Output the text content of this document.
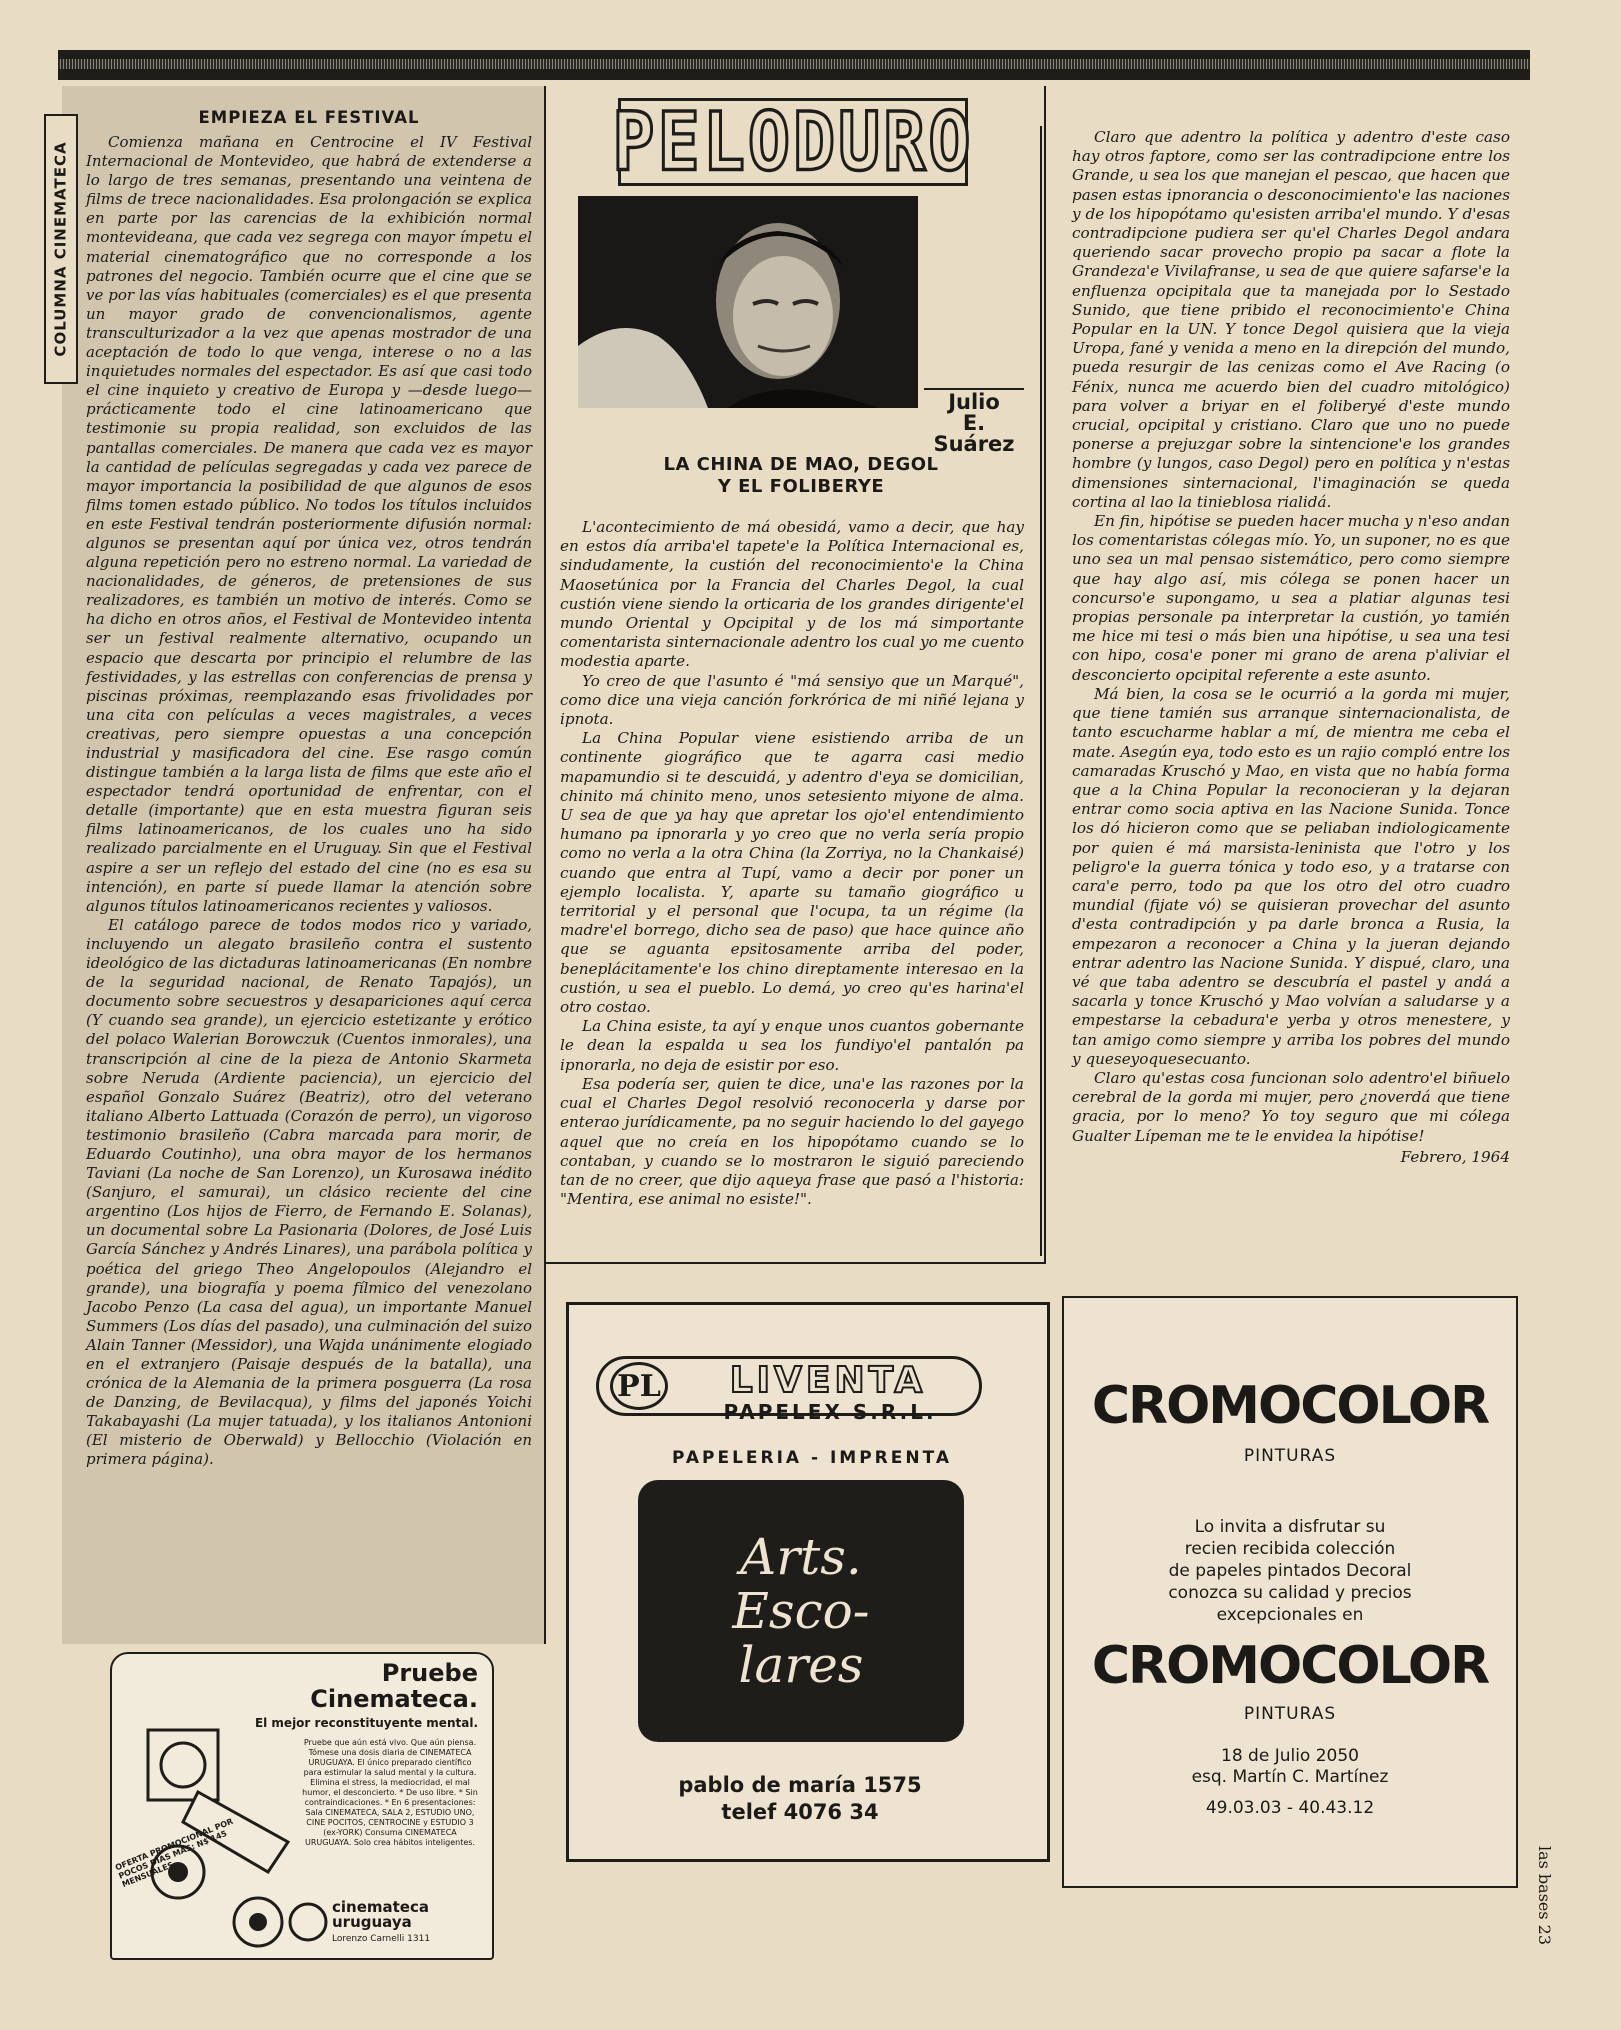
EMPIEZA EL FESTIVAL

Comienza mañana en Centrocine el IV Festival Internacional de Montevideo, que habrá de extenderse a lo largo de tres semanas, presentando una veintena de films de trece nacionalidades. Esa prolongación se explica en parte por las carencias de la exhibición normal montevideana, que cada vez segrega con mayor ímpetu el material cinematográfico que no corresponde a los patrones del negocio. También ocurre que el cine que se ve por las vías habituales (comerciales) es el que presenta un mayor grado de convencionalismos, agente transculturizador a la vez que apenas mostrador de una aceptación de todo lo que venga, interese o no a las inquietudes normales del espectador. Es así que casi todo el cine inquieto y creativo de Europa y —desde luego— prácticamente todo el cine latinoamericano que testimonie su propia realidad, son excluidos de las pantallas comerciales. De manera que cada vez es mayor la cantidad de películas segregadas y cada vez parece de mayor importancia la posibilidad de que algunos de esos films tomen estado público. No todos los títulos incluidos en este Festival tendrán posteriormente difusión normal: algunos se presentan aquí por única vez, otros tendrán alguna repetición pero no estreno normal. La variedad de nacionalidades, de géneros, de pretensiones de sus realizadores, es también un motivo de interés. Como se ha dicho en otros años, el Festival de Montevideo intenta ser un festival realmente alternativo, ocupando un espacio que descarta por principio el relumbre de las festividades, y las estrellas con conferencias de prensa y piscinas próximas, reemplazando esas frivolidades por una cita con películas a veces magistrales, a veces creativas, pero siempre opuestas a una concepción industrial y masificadora del cine. Ese rasgo común distingue también a la larga lista de films que este año el espectador tendrá oportunidad de enfrentar, con el detalle (importante) que en esta muestra figuran seis films latinoamericanos, de los cuales uno ha sido realizado parcialmente en el Uruguay. Sin que el Festival aspire a ser un reflejo del estado del cine (no es esa su intención), en parte sí puede llamar la atención sobre algunos títulos latinoamericanos recientes y valiosos.

El catálogo parece de todos modos rico y variado, incluyendo un alegato brasileño contra el sustento ideológico de las dictaduras latinoamericanas (En nombre de la seguridad nacional, de Renato Tapajós), un documento sobre secuestros y desapariciones aquí cerca (Y cuando sea grande), un ejercicio estetizante y erótico del polaco Walerian Borowczuk (Cuentos inmorales), una transcripción al cine de la pieza de Antonio Skarmeta sobre Neruda (Ardiente paciencia), un ejercicio del español Gonzalo Suárez (Beatriz), otro del veterano italiano Alberto Lattuada (Corazón de perro), un vigoroso testimonio brasileño (Cabra marcada para morir, de Eduardo Coutinho), una obra mayor de los hermanos Taviani (La noche de San Lorenzo), un Kurosawa inédito (Sanjuro, el samurai), un clásico reciente del cine argentino (Los hijos de Fierro, de Fernando E. Solanas), un documental sobre La Pasionaria (Dolores, de José Luis García Sánchez y Andrés Linares), una parábola política y poética del griego Theo Angelopoulos (Alejandro el grande), una biografía y poema fílmico del venezolano Jacobo Penzo (La casa del agua), un importante Manuel Summers (Los días del pasado), una culminación del suizo Alain Tanner (Messidor), una Wajda unánimente elogiado en el extranjero (Paisaje después de la batalla), una crónica de la Alemania de la primera posguerra (La rosa de Danzing, de Bevilacqua), y films del japonés Yoichi Takabayashi (La mujer tatuada), y los italianos Antonioni (El misterio de Oberwald) y Bellocchio (Violación en primera página).

COLUMNA CINEMATECA	PELODURO
Julio
E. Suárez
LA CHINA DE MAO, DEGOL
Y EL FOLIBERYE

L'acontecimiento de má obesidá, vamo a decir, que hay en estos día arriba'el tapete'e la Política Internacional es, sindudamente, la custión del reconocimiento'e la China Maosetúnica por la Francia del Charles Degol, la cual custión viene siendo la orticaria de los grandes dirigente'el mundo Oriental y Opcipital y de los má simportante comentarista sinternacionale adentro los cual yo me cuento modestia aparte.

Yo creo de que l'asunto é "má sensiyo que un Marqué", como dice una vieja canción forkrórica de mi niñé lejana y ipnota.

La China Popular viene esistiendo arriba de un continente giográfico que te agarra casi medio mapamundio si te descuidá, y adentro d'eya se domicilian, chinito má chinito meno, unos setesiento miyone de alma. U sea de que ya hay que apretar los ojo'el entendimiento humano pa ipnorarla y yo creo que no verla sería propio como no verla a la otra China (la Zorriya, no la Chankaisé) cuando que entra al Tupí, vamo a decir por poner un ejemplo localista. Y, aparte su tamaño giográfico u territorial y el personal que l'ocupa, ta un régime (la madre'el borrego, dicho sea de paso) que hace quince año que se aguanta epsitosamente arriba del poder, beneplácitamente'e los chino direptamente interesao en la custión, u sea el pueblo. Lo demá, yo creo qu'es harina'el otro costao.

La China esiste, ta ayí y enque unos cuantos gobernante le dean la espalda u sea los fundiyo'el pantalón pa ipnorarla, no deja de esistir por eso.

Esa podería ser, quien te dice, una'e las razones por la cual el Charles Degol resolvió reconocerla y darse por enterao jurídicamente, pa no seguir haciendo lo del gayego aquel que no creía en los hipopótamo cuando se lo contaban, y cuando se lo mostraron le siguió pareciendo tan de no creer, que dijo aqueya frase que pasó a l'historia: "Mentira, ese animal no esiste!".

Claro que adentro la política y adentro d'este caso hay otros faptore, como ser las contradipcione entre los Grande, u sea los que manejan el pescao, que hacen que pasen estas ipnorancia o desconocimiento'e las naciones y de los hipopótamo qu'esisten arriba'el mundo. Y d'esas contradipcione pudiera ser qu'el Charles Degol andara queriendo sacar provecho propio pa sacar a flote la Grandeza'e Vivilafranse, u sea de que quiere safarse'e la enfluenza opcipitala que ta manejada por lo Sestado Sunido, que tiene pribido el reconocimiento'e China Popular en la UN. Y tonce Degol quisiera que la vieja Uropa, fané y venida a meno en la direpción del mundo, pueda resurgir de las cenizas como el Ave Racing (o Fénix, nunca me acuerdo bien del cuadro mitológico) para volver a briyar en el foliberyé d'este mundo crucial, opcipital y cristiano. Claro que uno no puede ponerse a prejuzgar sobre la sintencione'e los grandes hombre (y lungos, caso Degol) pero en política y n'estas dimensiones sinternacional, l'imaginación se queda cortina al lao la tinieblosa rialidá.

En fin, hipótise se pueden hacer mucha y n'eso andan los comentaristas cólegas mío. Yo, un suponer, no es que uno sea un mal pensao sistemático, pero como siempre que hay algo así, mis cólega se ponen hacer un concurso'e supongamo, u sea a platiar algunas tesi propias personale pa interpretar la custión, yo tamién me hice mi tesi o más bien una hipótise, u sea una tesi con hipo, cosa'e poner mi grano de arena p'aliviar el desconcierto opcipital referente a este asunto.

Má bien, la cosa se le ocurrió a la gorda mi mujer, que tiene tamién sus arranque sinternacionalista, de tanto escucharme hablar a mí, de mientra me ceba el mate. Asegún eya, todo esto es un rajio compló entre los camaradas Kruschó y Mao, en vista que no había forma que a la China Popular la reconocieran y la dejaran entrar como socia aptiva en las Nacione Sunida. Tonce los dó hicieron como que se peliaban indiologicamente por quien é má marsista-leninista que l'otro y los peligro'e la guerra tónica y todo eso, y a tratarse con cara'e perro, todo pa que los otro del otro cuadro mundial (fijate vó) se quisieran provechar del asunto d'esta contradipción y pa darle bronca a Rusia, la empezaron a reconocer a China y la jueran dejando entrar adentro las Nacione Sunida. Y dispué, claro, una vé que taba adentro se descubría el pastel y andá a sacarla y tonce Kruschó y Mao volvían a saludarse y a empestarse la cebadura'e yerba y otros menestere, y tan amigo como siempre y arriba los pobres del mundo y queseyoquesecuanto.

Claro qu'estas cosa funcionan solo adentro'el biñuelo cerebral de la gorda mi mujer, pero ¿noverdá que tiene gracia, por lo meno? Yo toy seguro que mi cólega Gualter Lípeman me te le envidea la hipótise!

Febrero, 1964

Pruebe
Cinemateca.
El mejor reconstituyente mental.
Pruebe que aún está vivo. Que aún piensa. Tómese una dosis diaria de CINEMATECA URUGUAYA. El único preparado científico para estimular la salud mental y la cultura. Elimina el stress, la mediocridad, el mal humor, el desconcierto. * De uso libre. * Sin contraindicaciones. * En 6 presentaciones: Sala CINEMATECA, SALA 2, ESTUDIO UNO, CINE POCITOS, CENTROCINE y ESTUDIO 3 (ex-YORK) Consuma CINEMATECA URUGUAYA. Solo crea hábitos inteligentes.
OFERTA PROMOCIONAL POR POCOS DIAS MAS: N$ 145 MENSUALES
cinemateca
uruguaya
Lorenzo Carnelli 1311
PL	LIVENTA
PAPELEX S.R.L.
PAPELERIA - IMPRENTA
Arts.
Esco-
lares
pablo de maría 1575
telef 4076 34
CROMOCOLOR
PINTURAS
Lo invita a disfrutar su
recien recibida colección
de papeles pintados Decoral
conozca su calidad y precios
excepcionales en
CROMOCOLOR
PINTURAS
18 de Julio 2050
esq. Martín C. Martínez
49.03.03 - 40.43.12
las bases 23
